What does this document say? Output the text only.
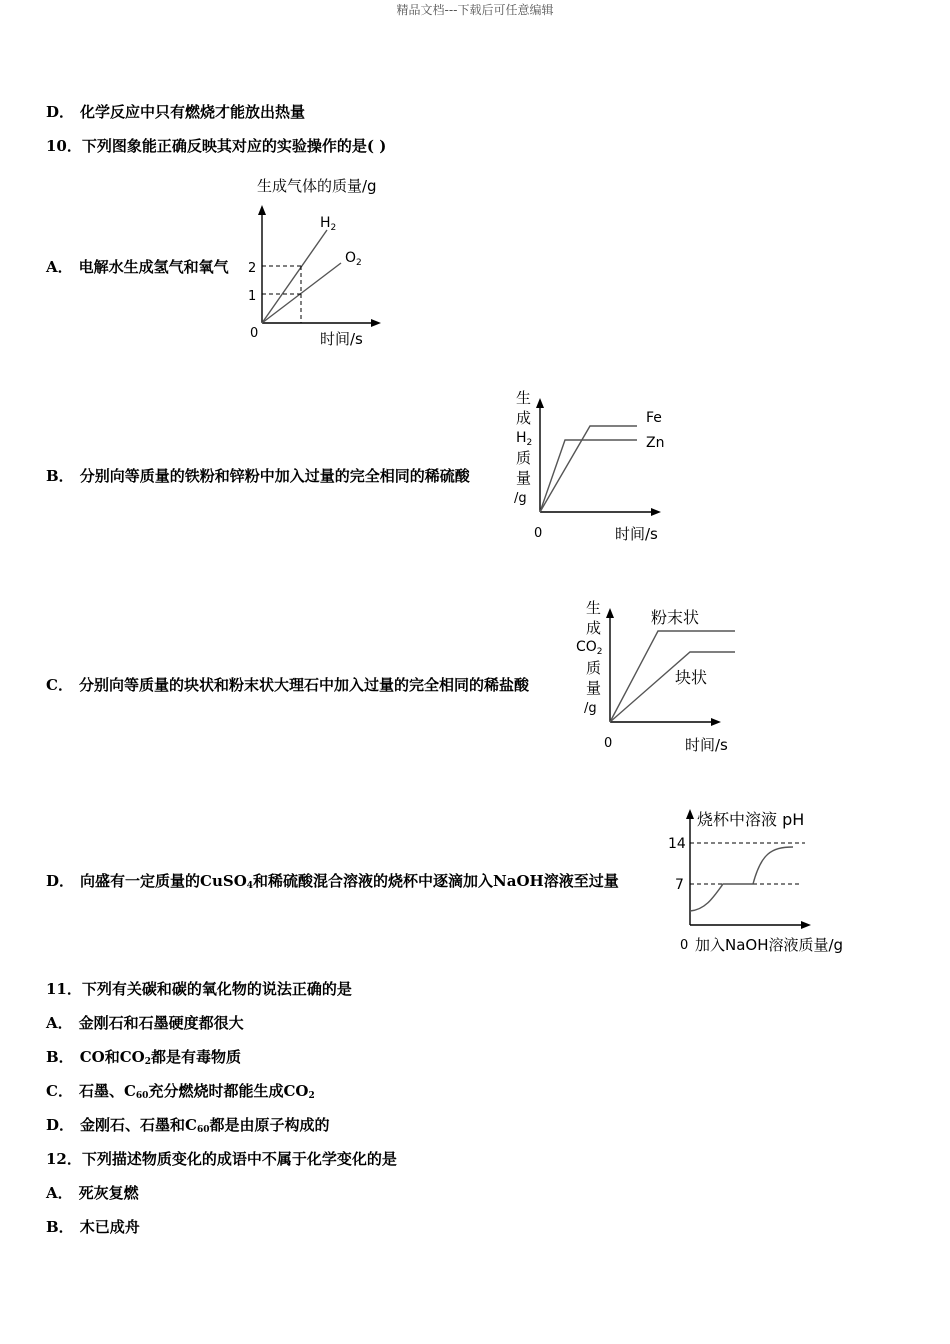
精品文档---下载后可任意编辑
D． 化学反应中只有燃烧才能放出热量
10．下列图象能正确反映其对应的实验操作的是( )
A． 电解水生成氢气和氧气
生成气体的质量/g
2
1
0
$H_2$
$O_2$
时间/s
B． 分别向等质量的铁粉和锌粉中加入过量的完全相同的稀硫酸
生
成
$H_2$
质
量
/g
Fe
Zn
0	时间/s
C． 分别向等质量的块状和粉末状大理石中加入过量的完全相同的稀盐酸
生
成
$CO_2$
质
量
/g
粉末状
块状
0	时间/s
D． 向盛有一定质量的CuSO$_4$和稀硫酸混合溶液的烧杯中逐滴加入NaOH溶液至过量
烧杯中溶液 pH
14
7
0 加入NaOH溶液质量/g
11．下列有关碳和碳的氧化物的说法正确的是
A． 金刚石和石墨硬度都很大
B． CO和$CO_2$都是有毒物质
C． 石墨、$C_{60}$充分燃烧时都能生成$CO_2$
D． 金刚石、石墨和$C_{60}$都是由原子构成的
12．下列描述物质变化的成语中不属于化学变化的是
A． 死灰复燃
B． 木已成舟
